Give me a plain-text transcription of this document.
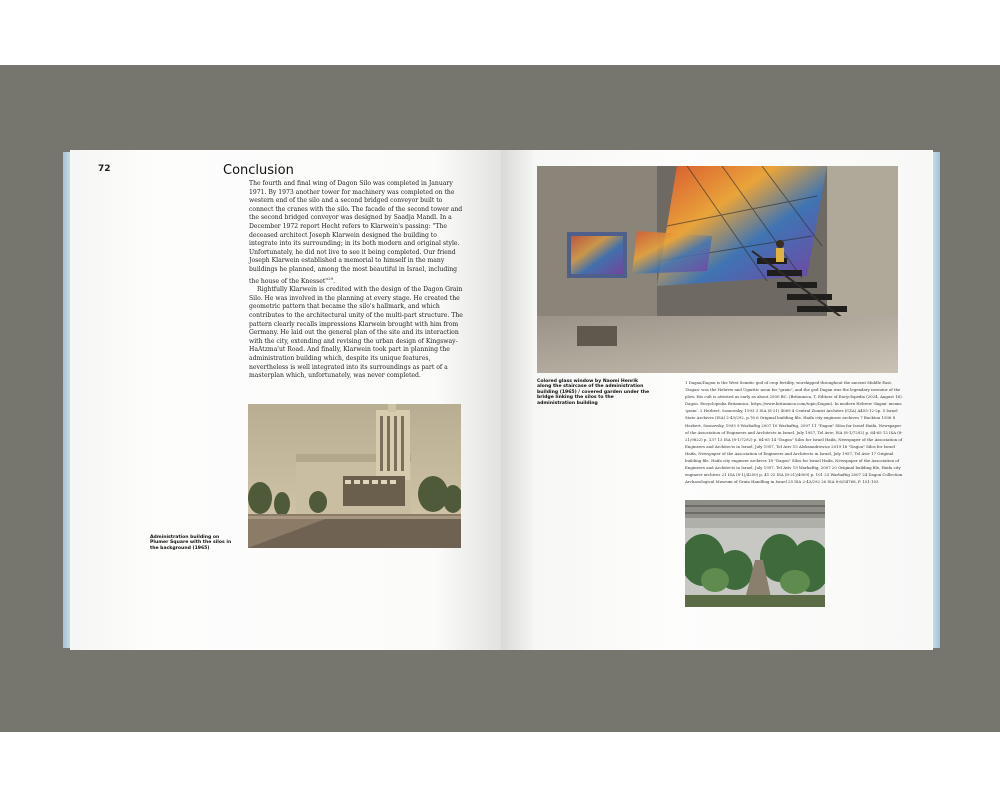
72	Conclusion

The fourth and final wing of Dagon Silo was completed in January 1971. By 1973 another tower for machinery was completed on the western end of the silo and a second bridged conveyor built to connect the cranes with the silo. The facade of the second tower and the second bridged conveyor was designed by Saadja Mandl. In a December 1972 report Hecht refers to Klarwein's passing: "The deceased architect Joseph Klarwein designed the building to integrate into its surrounding; in its both modern and original style. Unfortunately, he did not live to see it being completed. Our friend Joseph Klarwein established a memorial to himself in the many buildings he planned, among the most beautiful in Israel, including the house of the Knesset"$^{29}$.

Rightfully Klarwein is credited with the design of the Dagon Grain Silo. He was involved in the planning at every stage. He created the geometric pattern that became the silo's hallmark, and which contributes to the architectural unity of the multi-part structure. The pattern clearly recalls impressions Klarwein brought with him from Germany. He laid out the general plan of the site and its interaction with the city, extending and revising the urban design of Kingsway-HaAtzma'ut Road. And finally, Klarwein took part in planning the administration building which, despite its unique features, nevertheless is well integrated into its surroundings as part of a masterplan which, unfortunately, was never completed.

Administration building on Plumer Square with the silos in the background (1965)
Colored glass window by Naomi Henrik along the staircase of the administration building (1965) / covered garden under the bridge linking the silos to the administration building
1 Dagan/Dagon is the West Semitic god of crop fertility, worshipped throughout the ancient Middle East. 'Dagan' was the Hebrew and Ugaritic noun for "grain", and the god Dagan was the legendary inventor of the plow. His cult is attested as early as about 2500 BC. (Britannica, T. Editors of Encyclopedia (2024, August 16). Dagon. Encyclopedia Britannica. https://www.britannica.com/topic/Dagan). In modern Hebrew 'dagan' means 'grain'. 2 Herbert, Sosnovsky, 1993 3 ISA (8-21) 4069 4 Central Zionist Archives (CZA) A455-12-2p. 5 Israel State Archives (ISA) 2-43/292, p.76 6 Original building file, Haifa city engineer archives 7 Buckton 1936 8 Herbert, Sosnovsky, 1993 9 Warhaftig 2007 10 Warhaftig, 2007 11 "Dagon" Silos for Israel Haifa, Newspaper of the Association of Engineers and Architects in Israel, July 1957, Tel Aviv; ISA (8-1/7292) p. 64-65 12 ISA (8-21/9822) p. 137 13 ISA (8-1/7292) p. 64-65 14 "Dagon" Silos for Israel Haifa, Newspaper of the Association of Engineers and Architects in Israel, July 1957, Tel Aviv 15 Aleksandrowicz 2019 16 "Dagon" Silos for Israel Haifa, Newspaper of the Association of Engineers and Architects in Israel, July 1957, Tel Aviv 17 Original building file, Haifa city engineer archives 18 "Dagon" Silos for Israel Haifa, Newspaper of the Association of Engineers and Architects in Israel, July 1957, Tel Aviv 19 Warhaftig, 2007 20 Original building file, Haifa city engineer archives 21 ISA (8-1)/4250) p. 41 22 ISA (8-21)/4009) p. 101 23 Warhaftig 2007 24 Dagon Collection Archaeological Museum of Grain Handling in Israel 25 ISA 2-43/292 26 ISA 8-6/54768, P. 101-103
